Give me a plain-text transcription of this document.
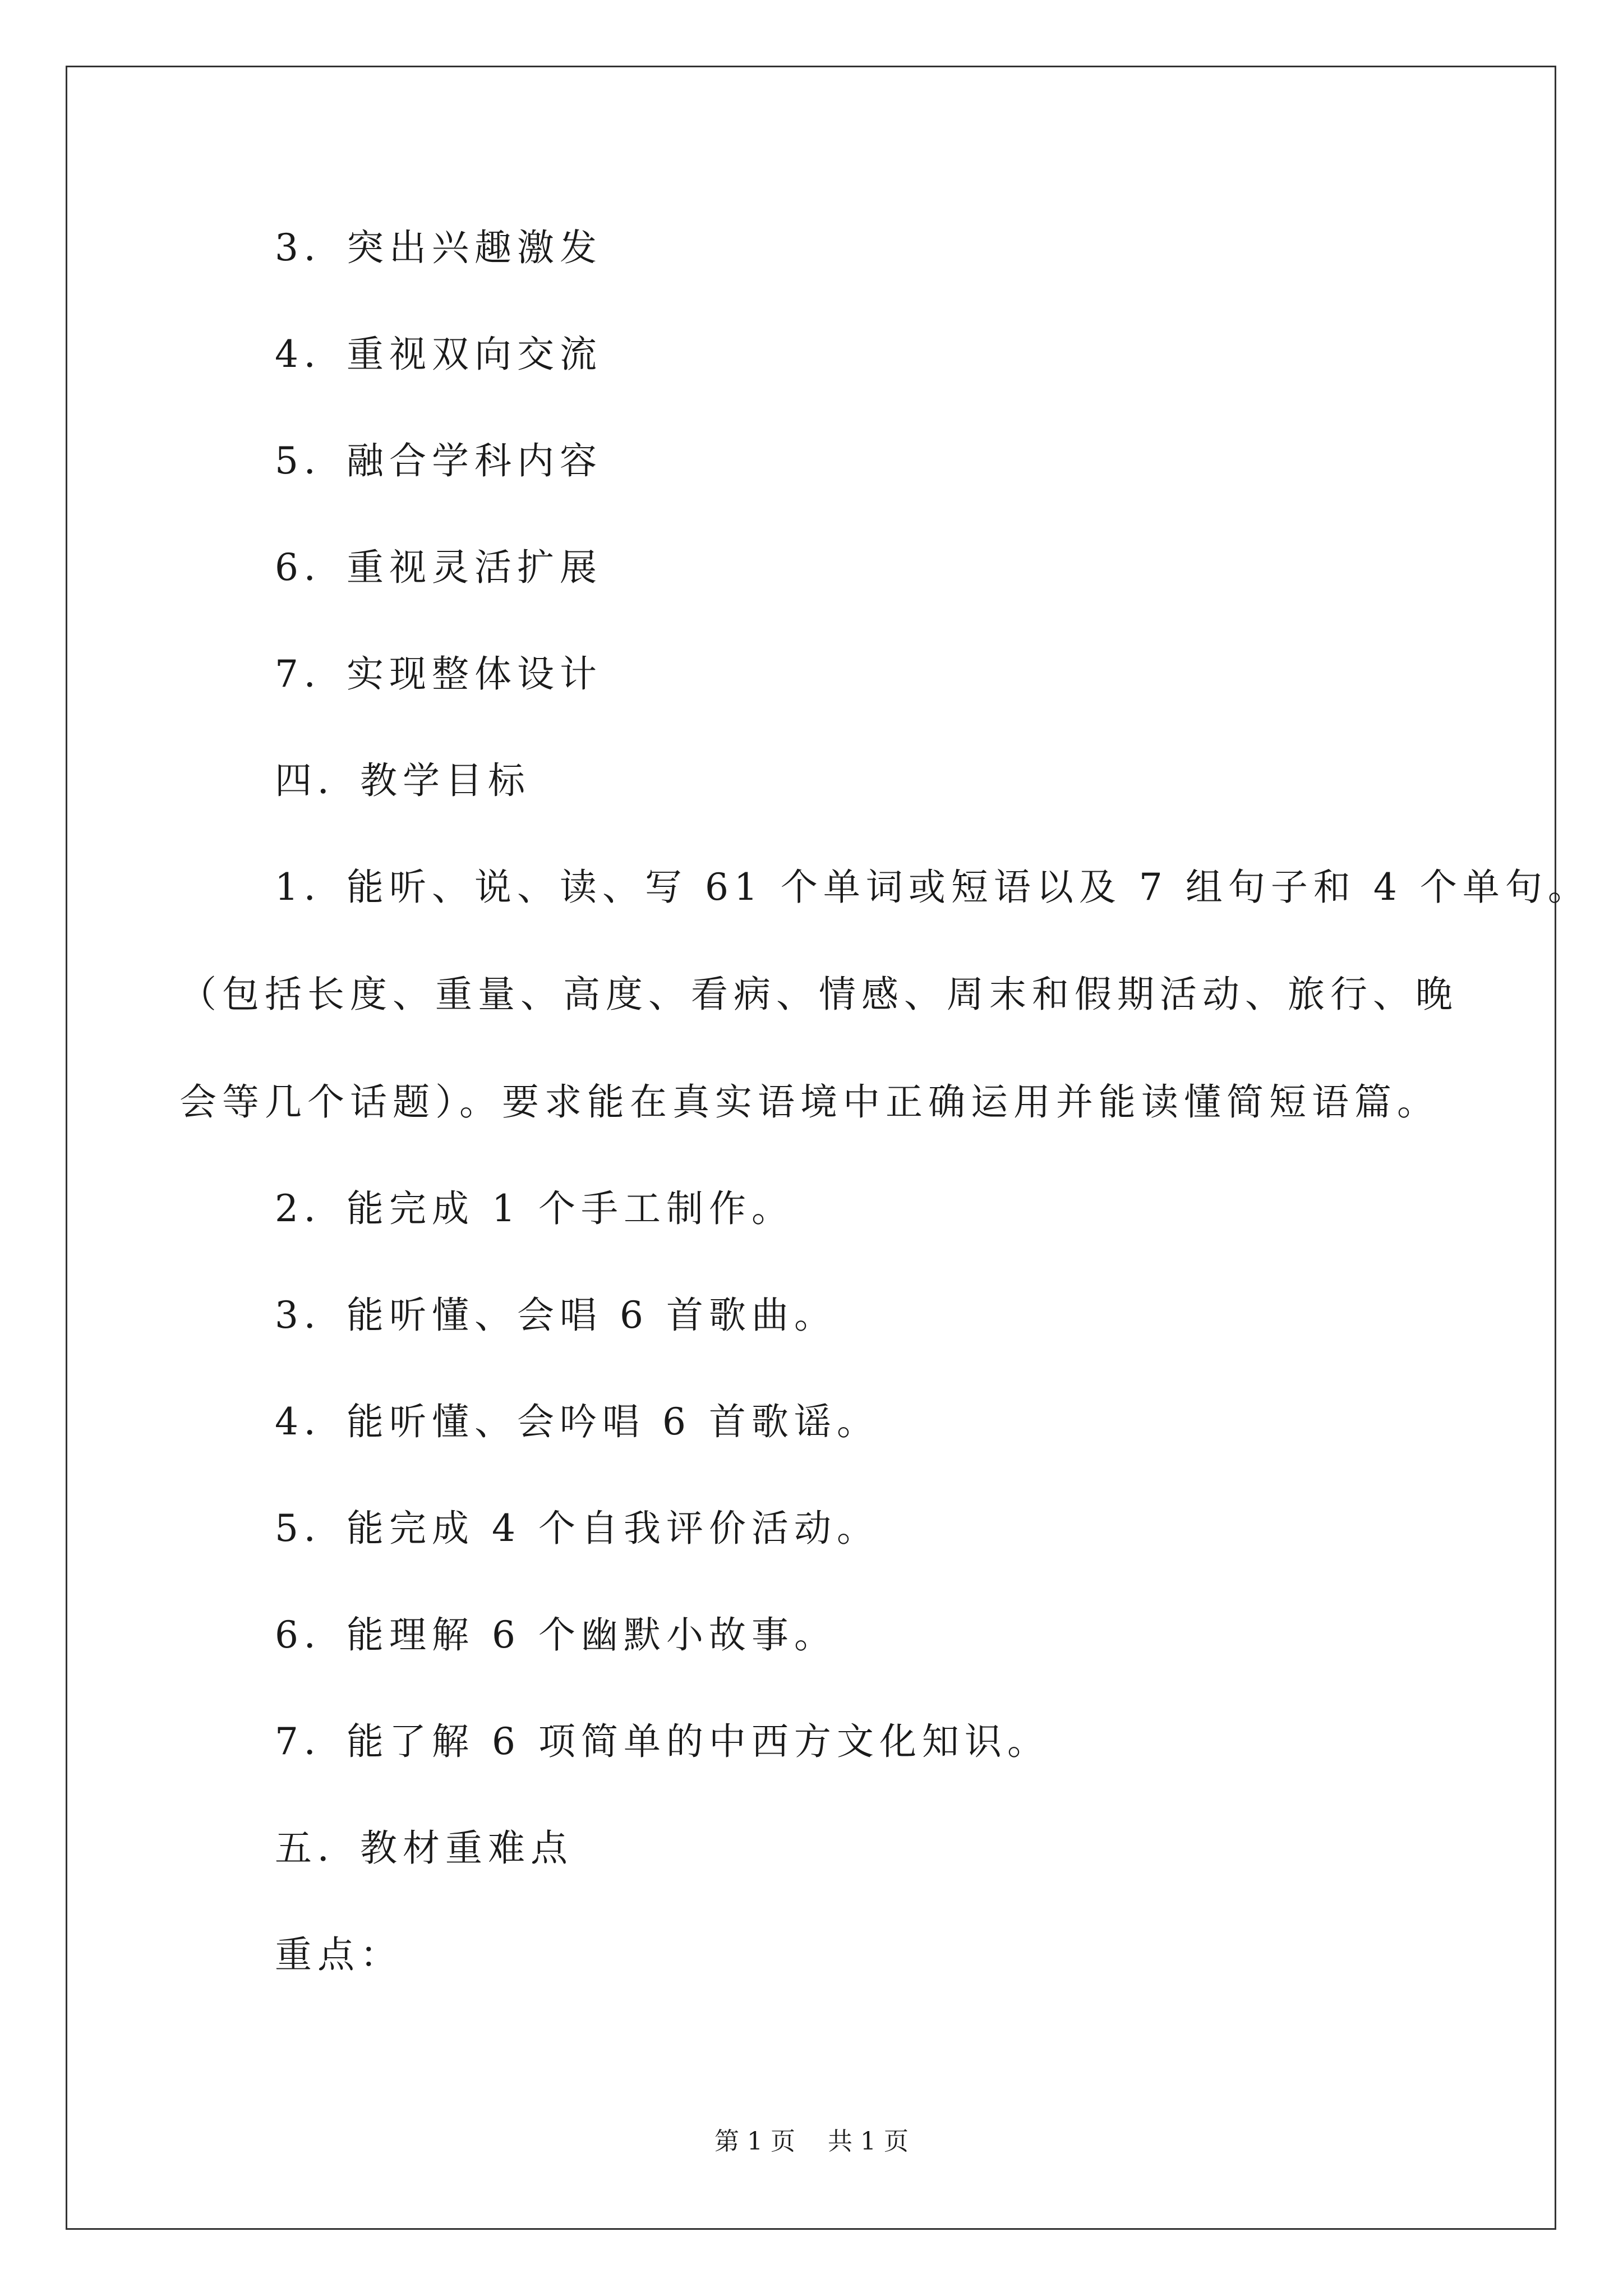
3．突出兴趣激发
4．重视双向交流
5．融合学科内容
6．重视灵活扩展
7．实现整体设计
四．教学目标
1．能听、说、读、写 61 个单词或短语以及 7 组句子和 4 个单句。
（包括长度、重量、高度、看病、情感、周末和假期活动、旅行、晚
会等几个话题）。要求能在真实语境中正确运用并能读懂简短语篇。
2．能完成 1 个手工制作。
3．能听懂、会唱 6 首歌曲。
4．能听懂、会吟唱 6 首歌谣。
5．能完成 4 个自我评价活动。
6．能理解 6 个幽默小故事。
7．能了解 6 项简单的中西方文化知识。
五．教材重难点
重点：
第 1 页　 共 1 页
